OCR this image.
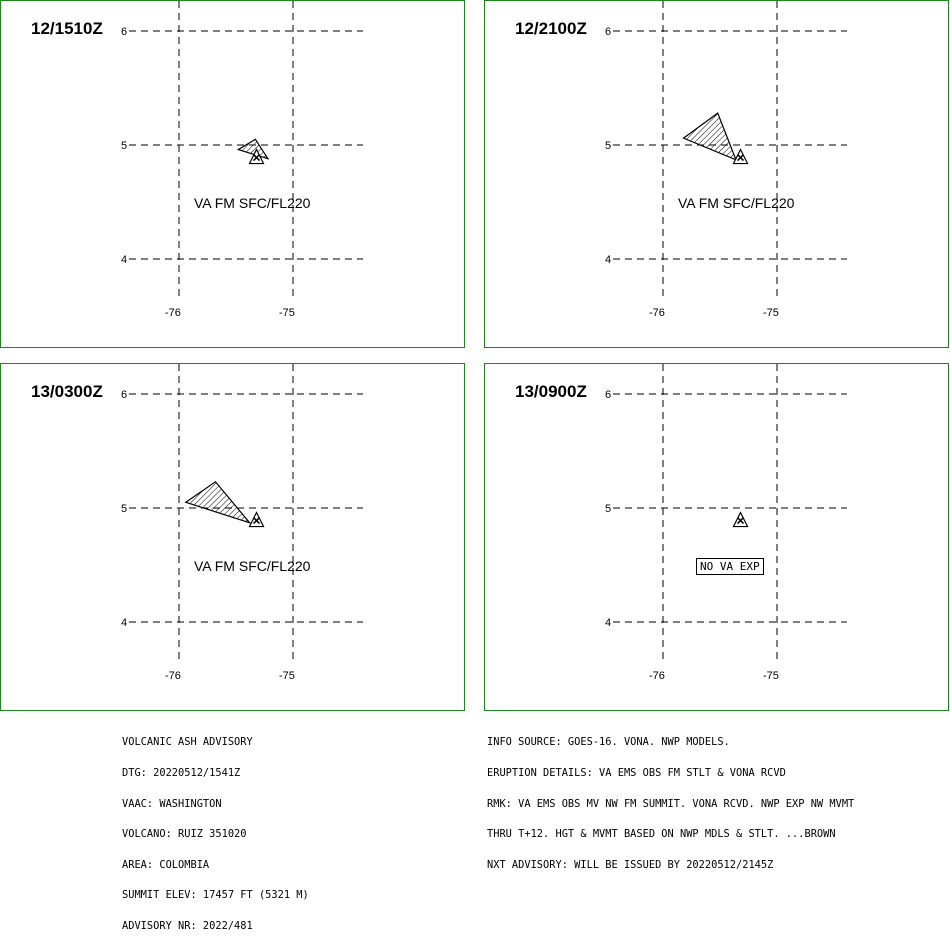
6
5
4
-76	-75
12/1510Z
VA FM SFC/FL220
6
5
4
-76	-75
12/2100Z
VA FM SFC/FL220
6
5
4
-76	-75
13/0300Z
VA FM SFC/FL220
6
5
4
-76	-75
13/0900Z
NO VA EXP

VOLCANIC ASH ADVISORY

DTG: 20220512/1541Z

VAAC: WASHINGTON

VOLCANO: RUIZ 351020

AREA: COLOMBIA

SUMMIT ELEV: 17457 FT (5321 M)

ADVISORY NR: 2022/481

INFO SOURCE: GOES-16. VONA. NWP MODELS.

ERUPTION DETAILS: VA EMS OBS FM STLT & VONA RCVD

RMK: VA EMS OBS MV NW FM SUMMIT. VONA RCVD. NWP EXP NW MVMT

THRU T+12. HGT & MVMT BASED ON NWP MDLS & STLT. ...BROWN

NXT ADVISORY: WILL BE ISSUED BY 20220512/2145Z
